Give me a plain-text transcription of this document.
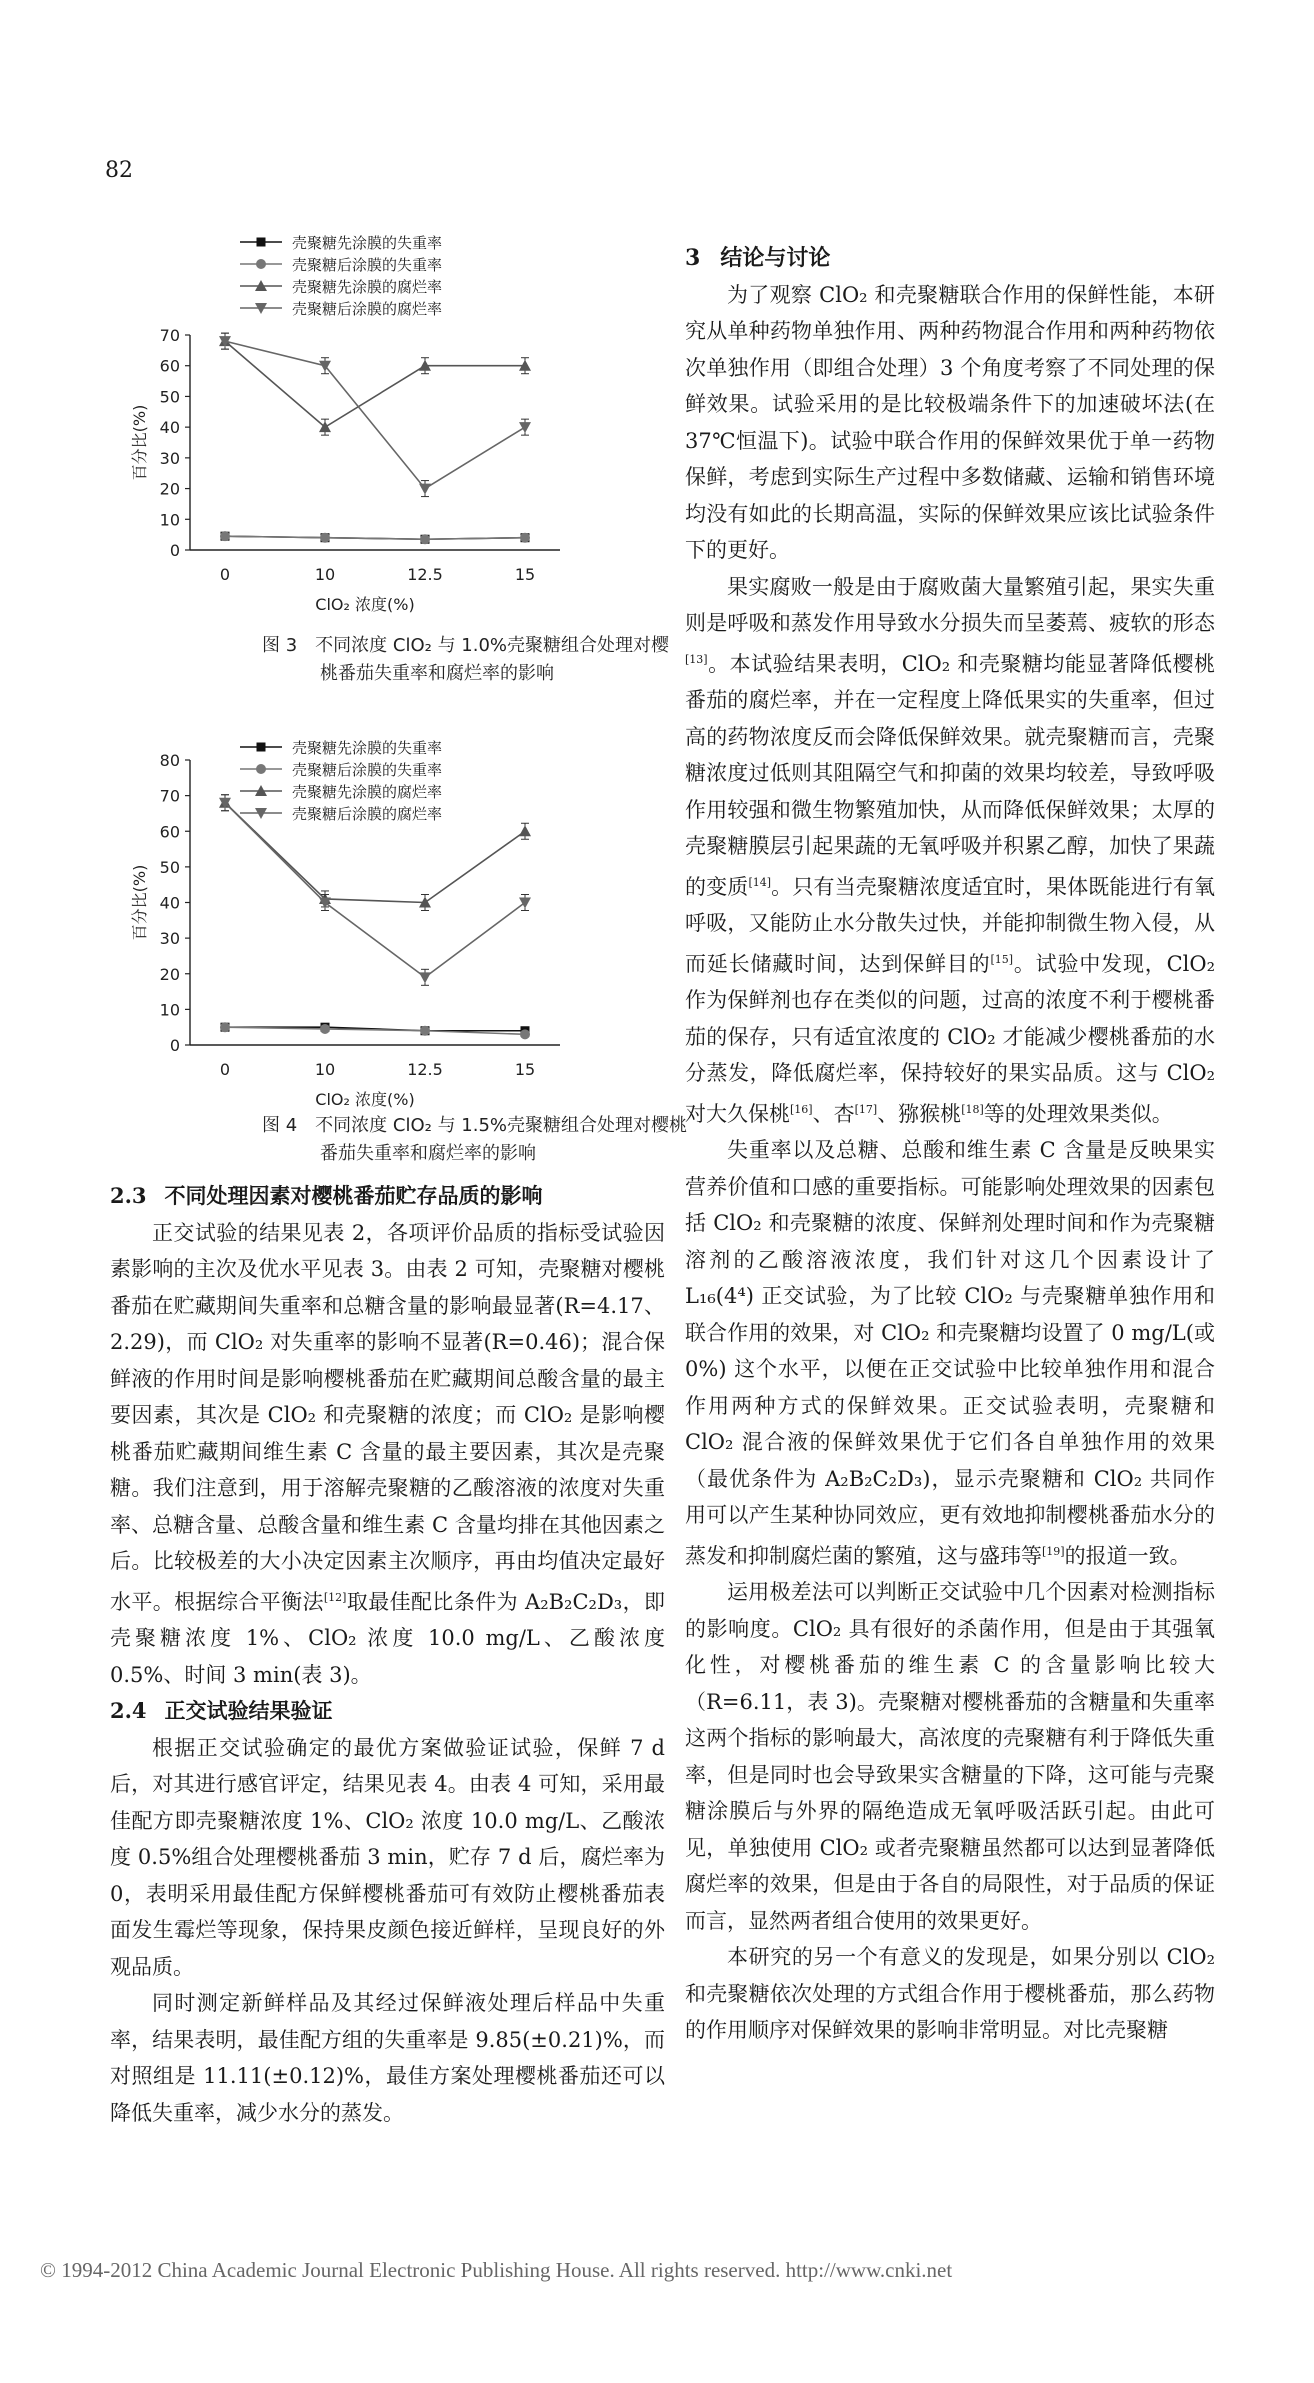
82
0
10
20
30
40
50
60
70
0	10	12.5	15
ClO₂ 浓度(%)
百分比(%)
壳聚糖先涂膜的失重率
壳聚糖后涂膜的失重率
壳聚糖先涂膜的腐烂率
壳聚糖后涂膜的腐烂率
图 3　不同浓度 ClO₂ 与 1.0%壳聚糖组合处理对樱
桃番茄失重率和腐烂率的影响
0
10
20
30
40
50
60
70
80
0	10	12.5	15
ClO₂ 浓度(%)
百分比(%)
壳聚糖先涂膜的失重率
壳聚糖后涂膜的失重率
壳聚糖先涂膜的腐烂率
壳聚糖后涂膜的腐烂率
图 4　不同浓度 ClO₂ 与 1.5%壳聚糖组合处理对樱桃
番茄失重率和腐烂率的影响

2.3 不同处理因素对樱桃番茄贮存品质的影响

正交试验的结果见表 2，各项评价品质的指标受试验因素影响的主次及优水平见表 3。由表 2 可知，壳聚糖对樱桃番茄在贮藏期间失重率和总糖含量的影响最显著(R=4.17、2.29)，而 ClO₂ 对失重率的影响不显著(R=0.46)；混合保鲜液的作用时间是影响樱桃番茄在贮藏期间总酸含量的最主要因素，其次是 ClO₂ 和壳聚糖的浓度；而 ClO₂ 是影响樱桃番茄贮藏期间维生素 C 含量的最主要因素，其次是壳聚糖。我们注意到，用于溶解壳聚糖的乙酸溶液的浓度对失重率、总糖含量、总酸含量和维生素 C 含量均排在其他因素之后。比较极差的大小决定因素主次顺序，再由均值决定最好水平。根据综合平衡法[12]取最佳配比条件为 A₂B₂C₂D₃，即壳聚糖浓度 1%、ClO₂ 浓度 10.0 mg/L、乙酸浓度 0.5%、时间 3 min(表 3)。

2.4 正交试验结果验证

根据正交试验确定的最优方案做验证试验，保鲜 7 d 后，对其进行感官评定，结果见表 4。由表 4 可知，采用最佳配方即壳聚糖浓度 1%、ClO₂ 浓度 10.0 mg/L、乙酸浓度 0.5%组合处理樱桃番茄 3 min，贮存 7 d 后，腐烂率为 0，表明采用最佳配方保鲜樱桃番茄可有效防止樱桃番茄表面发生霉烂等现象，保持果皮颜色接近鲜样，呈现良好的外观品质。

同时测定新鲜样品及其经过保鲜液处理后样品中失重率，结果表明，最佳配方组的失重率是 9.85(±0.21)%，而对照组是 11.11(±0.12)%，最佳方案处理樱桃番茄还可以降低失重率，减少水分的蒸发。

3 结论与讨论

为了观察 ClO₂ 和壳聚糖联合作用的保鲜性能，本研究从单种药物单独作用、两种药物混合作用和两种药物依次单独作用（即组合处理）3 个角度考察了不同处理的保鲜效果。试验采用的是比较极端条件下的加速破坏法(在 37℃恒温下)。试验中联合作用的保鲜效果优于单一药物保鲜，考虑到实际生产过程中多数储藏、运输和销售环境均没有如此的长期高温，实际的保鲜效果应该比试验条件下的更好。

果实腐败一般是由于腐败菌大量繁殖引起，果实失重则是呼吸和蒸发作用导致水分损失而呈萎蔫、疲软的形态[13]。本试验结果表明，ClO₂ 和壳聚糖均能显著降低樱桃番茄的腐烂率，并在一定程度上降低果实的失重率，但过高的药物浓度反而会降低保鲜效果。就壳聚糖而言，壳聚糖浓度过低则其阻隔空气和抑菌的效果均较差，导致呼吸作用较强和微生物繁殖加快，从而降低保鲜效果；太厚的壳聚糖膜层引起果蔬的无氧呼吸并积累乙醇，加快了果蔬的变质[14]。只有当壳聚糖浓度适宜时，果体既能进行有氧呼吸，又能防止水分散失过快，并能抑制微生物入侵，从而延长储藏时间，达到保鲜目的[15]。试验中发现，ClO₂ 作为保鲜剂也存在类似的问题，过高的浓度不利于樱桃番茄的保存，只有适宜浓度的 ClO₂ 才能减少樱桃番茄的水分蒸发，降低腐烂率，保持较好的果实品质。这与 ClO₂ 对大久保桃[16]、杏[17]、猕猴桃[18]等的处理效果类似。

失重率以及总糖、总酸和维生素 C 含量是反映果实营养价值和口感的重要指标。可能影响处理效果的因素包括 ClO₂ 和壳聚糖的浓度、保鲜剂处理时间和作为壳聚糖溶剂的乙酸溶液浓度，我们针对这几个因素设计了 L₁₆(4⁴) 正交试验，为了比较 ClO₂ 与壳聚糖单独作用和联合作用的效果，对 ClO₂ 和壳聚糖均设置了 0 mg/L(或 0%) 这个水平，以便在正交试验中比较单独作用和混合作用两种方式的保鲜效果。正交试验表明，壳聚糖和 ClO₂ 混合液的保鲜效果优于它们各自单独作用的效果（最优条件为 A₂B₂C₂D₃)，显示壳聚糖和 ClO₂ 共同作用可以产生某种协同效应，更有效地抑制樱桃番茄水分的蒸发和抑制腐烂菌的繁殖，这与盛玮等[19]的报道一致。

运用极差法可以判断正交试验中几个因素对检测指标的影响度。ClO₂ 具有很好的杀菌作用，但是由于其强氧化性，对樱桃番茄的维生素 C 的含量影响比较大（R=6.11，表 3)。壳聚糖对樱桃番茄的含糖量和失重率这两个指标的影响最大，高浓度的壳聚糖有利于降低失重率，但是同时也会导致果实含糖量的下降，这可能与壳聚糖涂膜后与外界的隔绝造成无氧呼吸活跃引起。由此可见，单独使用 ClO₂ 或者壳聚糖虽然都可以达到显著降低腐烂率的效果，但是由于各自的局限性，对于品质的保证而言，显然两者组合使用的效果更好。

本研究的另一个有意义的发现是，如果分别以 ClO₂ 和壳聚糖依次处理的方式组合作用于樱桃番茄，那么药物的作用顺序对保鲜效果的影响非常明显。对比壳聚糖

© 1994-2012 China Academic Journal Electronic Publishing House. All rights reserved. http://www.cnki.net
